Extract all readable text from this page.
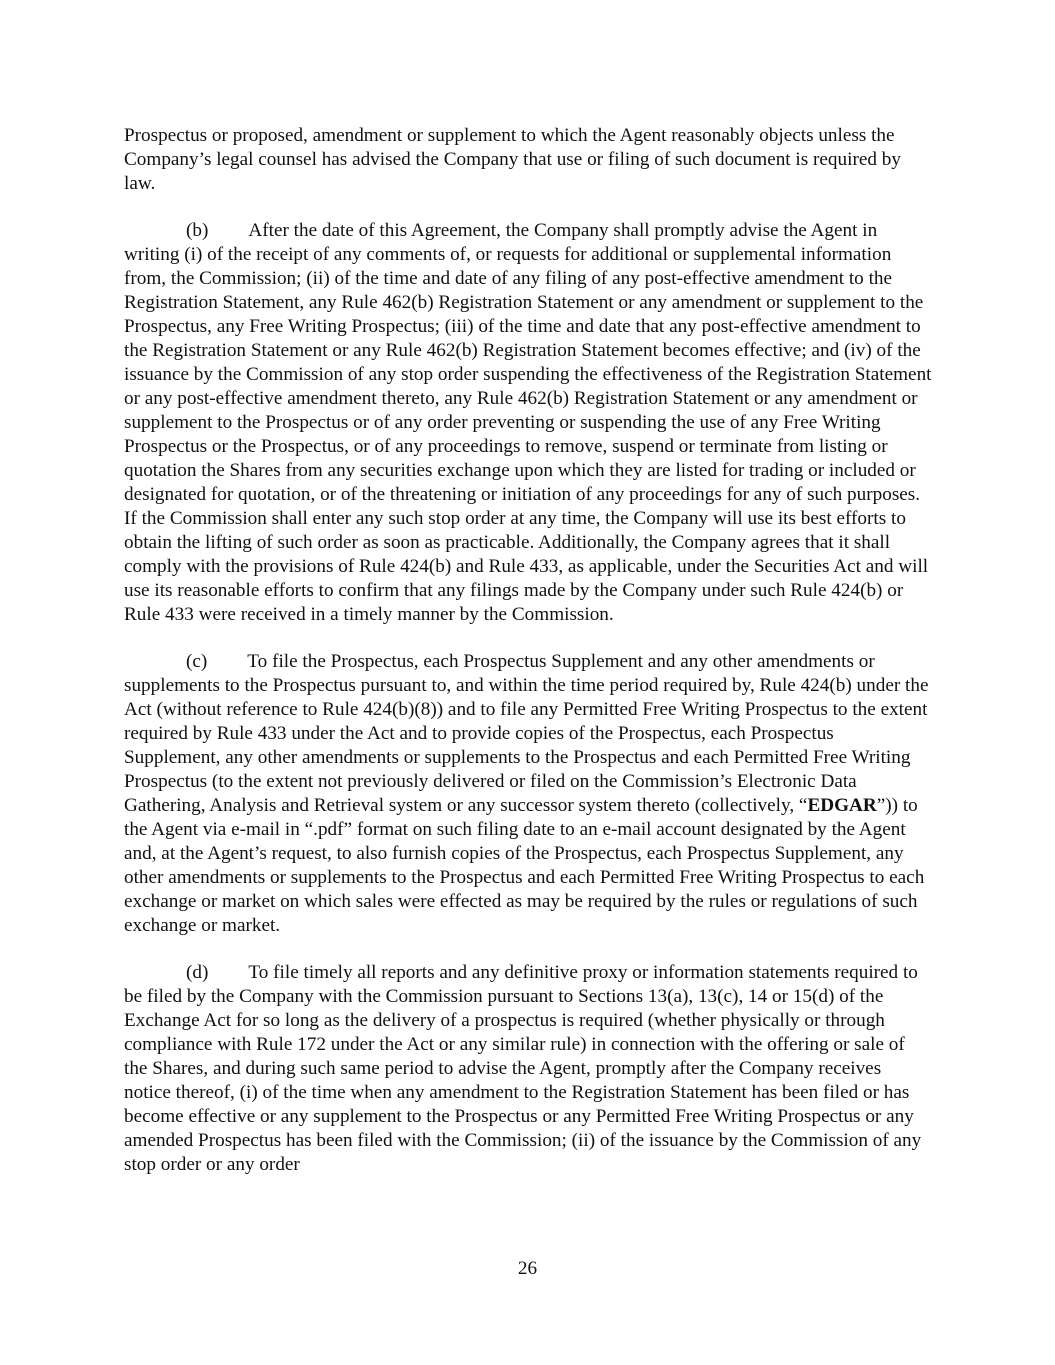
Prospectus or proposed, amendment or supplement to which the Agent reasonably objects unless the Company’s legal counsel has advised the Company that use or filing of such document is required by law.

(b) After the date of this Agreement, the Company shall promptly advise the Agent in writing (i) of the receipt of any comments of, or requests for additional or supplemental information from, the Commission; (ii) of the time and date of any filing of any post-effective amendment to the Registration Statement, any Rule 462(b) Registration Statement or any amendment or supplement to the Prospectus, any Free Writing Prospectus; (iii) of the time and date that any post-effective amendment to the Registration Statement or any Rule 462(b) Registration Statement becomes effective; and (iv) of the issuance by the Commission of any stop order suspending the effectiveness of the Registration Statement or any post-effective amendment thereto, any Rule 462(b) Registration Statement or any amendment or supplement to the Prospectus or of any order preventing or suspending the use of any Free Writing Prospectus or the Prospectus, or of any proceedings to remove, suspend or terminate from listing or quotation the Shares from any securities exchange upon which they are listed for trading or included or designated for quotation, or of the threatening or initiation of any proceedings for any of such purposes. If the Commission shall enter any such stop order at any time, the Company will use its best efforts to obtain the lifting of such order as soon as practicable. Additionally, the Company agrees that it shall comply with the provisions of Rule 424(b) and Rule 433, as applicable, under the Securities Act and will use its reasonable efforts to confirm that any filings made by the Company under such Rule 424(b) or Rule 433 were received in a timely manner by the Commission.

(c) To file the Prospectus, each Prospectus Supplement and any other amendments or supplements to the Prospectus pursuant to, and within the time period required by, Rule 424(b) under the Act (without reference to Rule 424(b)(8)) and to file any Permitted Free Writing Prospectus to the extent required by Rule 433 under the Act and to provide copies of the Prospectus, each Prospectus Supplement, any other amendments or supplements to the Prospectus and each Permitted Free Writing Prospectus (to the extent not previously delivered or filed on the Commission’s Electronic Data Gathering, Analysis and Retrieval system or any successor system thereto (collectively, “EDGAR”)) to the Agent via e-mail in “.pdf” format on such filing date to an e-mail account designated by the Agent and, at the Agent’s request, to also furnish copies of the Prospectus, each Prospectus Supplement, any other amendments or supplements to the Prospectus and each Permitted Free Writing Prospectus to each exchange or market on which sales were effected as may be required by the rules or regulations of such exchange or market.

(d) To file timely all reports and any definitive proxy or information statements required to be filed by the Company with the Commission pursuant to Sections 13(a), 13(c), 14 or 15(d) of the Exchange Act for so long as the delivery of a prospectus is required (whether physically or through compliance with Rule 172 under the Act or any similar rule) in connection with the offering or sale of the Shares, and during such same period to advise the Agent, promptly after the Company receives notice thereof, (i) of the time when any amendment to the Registration Statement has been filed or has become effective or any supplement to the Prospectus or any Permitted Free Writing Prospectus or any amended Prospectus has been filed with the Commission; (ii) of the issuance by the Commission of any stop order or any order

26
